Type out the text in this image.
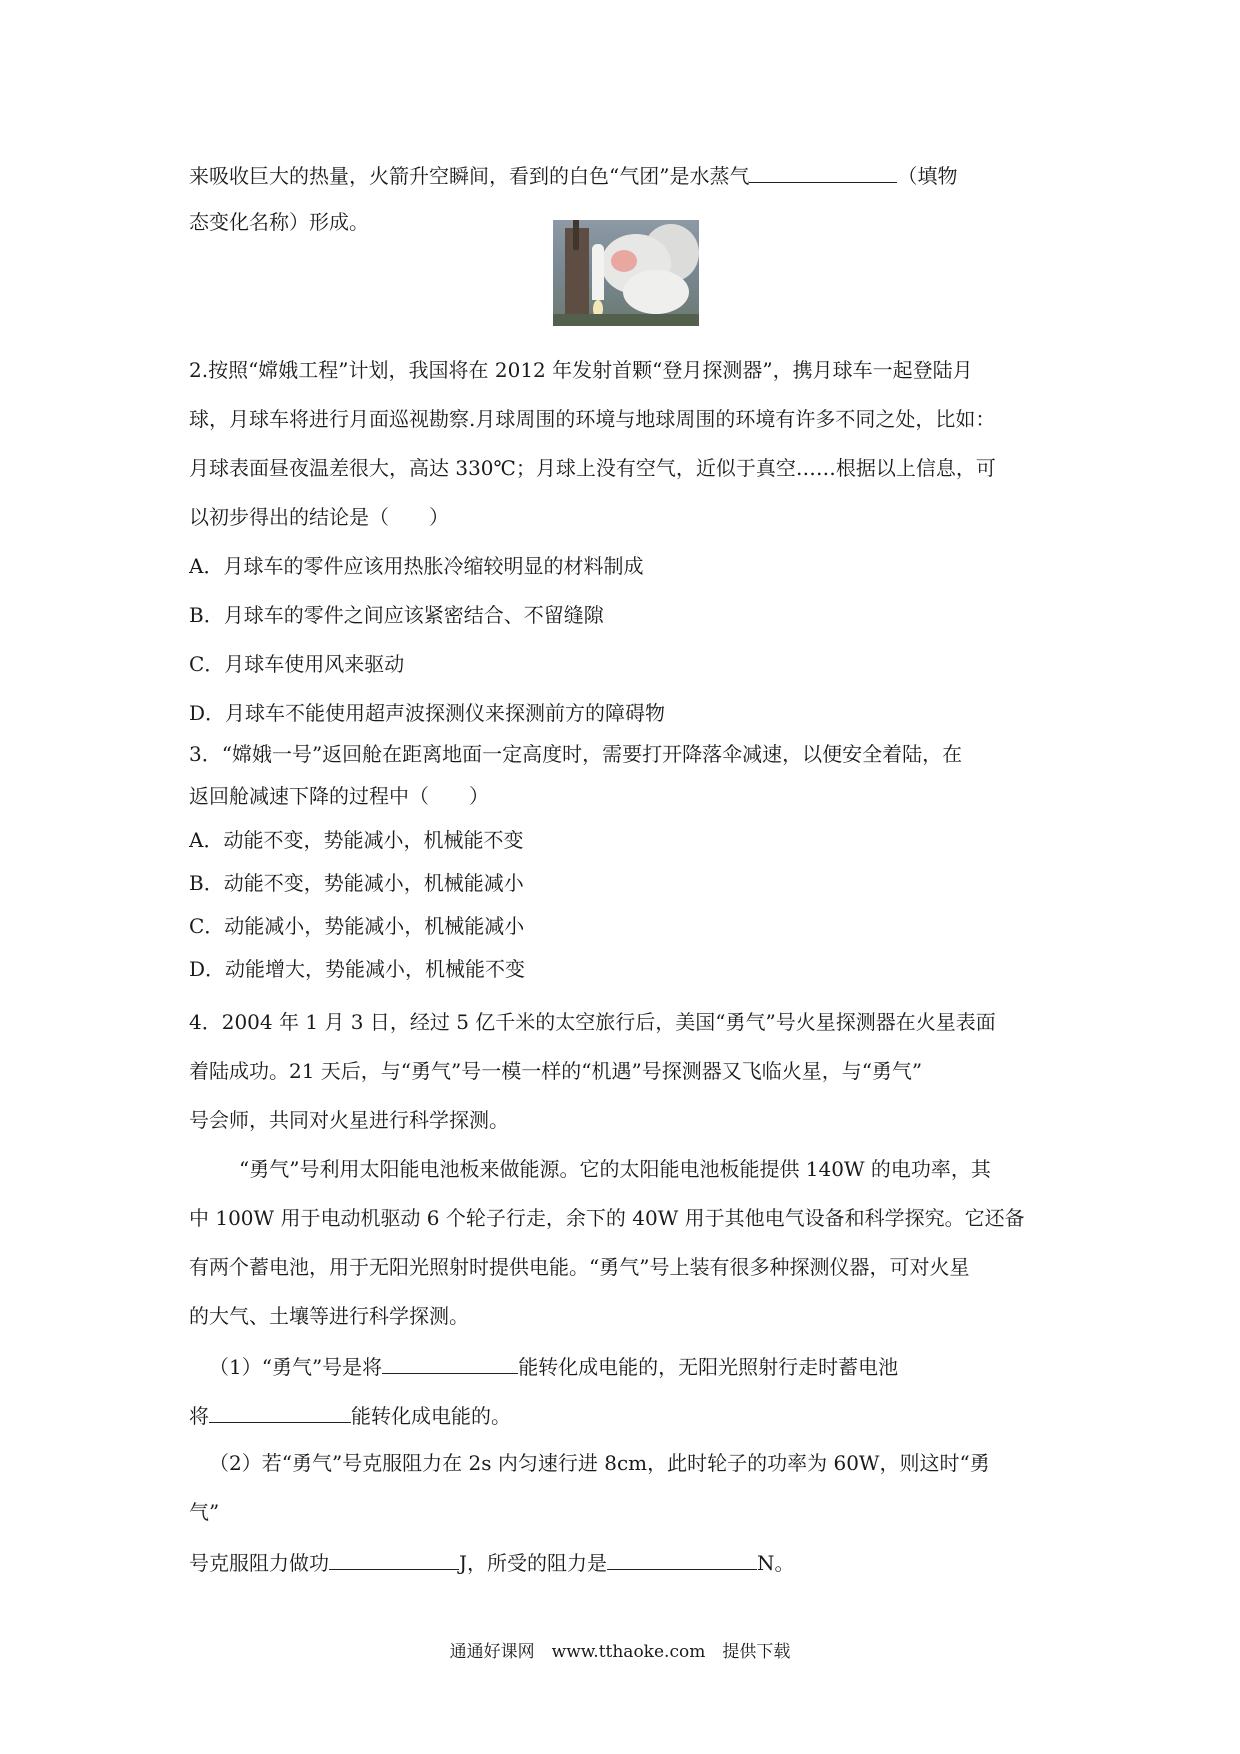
来吸收巨大的热量，火箭升空瞬间，看到的白色“气团”是水蒸气	（填物
态变化名称）形成。
2.按照“嫦娥工程”计划，我国将在 2012 年发射首颗“登月探测器”，携月球车一起登陆月
球，月球车将进行月面巡视勘察.月球周围的环境与地球周围的环境有许多不同之处，比如：
月球表面昼夜温差很大，高达 330℃；月球上没有空气，近似于真空……根据以上信息，可
以初步得出的结论是（　　）
A．月球车的零件应该用热胀冷缩较明显的材料制成
B．月球车的零件之间应该紧密结合、不留缝隙
C．月球车使用风来驱动
D．月球车不能使用超声波探测仪来探测前方的障碍物
3．“嫦娥一号”返回舱在距离地面一定高度时，需要打开降落伞减速，以便安全着陆，在
返回舱减速下降的过程中（　　）
A．动能不变，势能减小，机械能不变
B．动能不变，势能减小，机械能减小
C．动能减小，势能减小，机械能减小
D．动能增大，势能减小，机械能不变
4．2004 年 1 月 3 日，经过 5 亿千米的太空旅行后，美国“勇气”号火星探测器在火星表面
着陆成功。21 天后，与“勇气”号一模一样的“机遇”号探测器又飞临火星，与“勇气”
号会师，共同对火星进行科学探测。
“勇气”号利用太阳能电池板来做能源。它的太阳能电池板能提供 140W 的电功率，其
中 100W 用于电动机驱动 6 个轮子行走，余下的 40W 用于其他电气设备和科学探究。它还备
有两个蓄电池，用于无阳光照射时提供电能。“勇气”号上装有很多种探测仪器，可对火星
的大气、土壤等进行科学探测。
（1）“勇气”号是将	能转化成电能的，无阳光照射行走时蓄电池
将	能转化成电能的。
（2）若“勇气”号克服阻力在 2s 内匀速行进 8cm，此时轮子的功率为 60W，则这时“勇
气”
号克服阻力做功	J，所受的阻力是	N。
通通好课网　www.tthaoke.com　提供下载
